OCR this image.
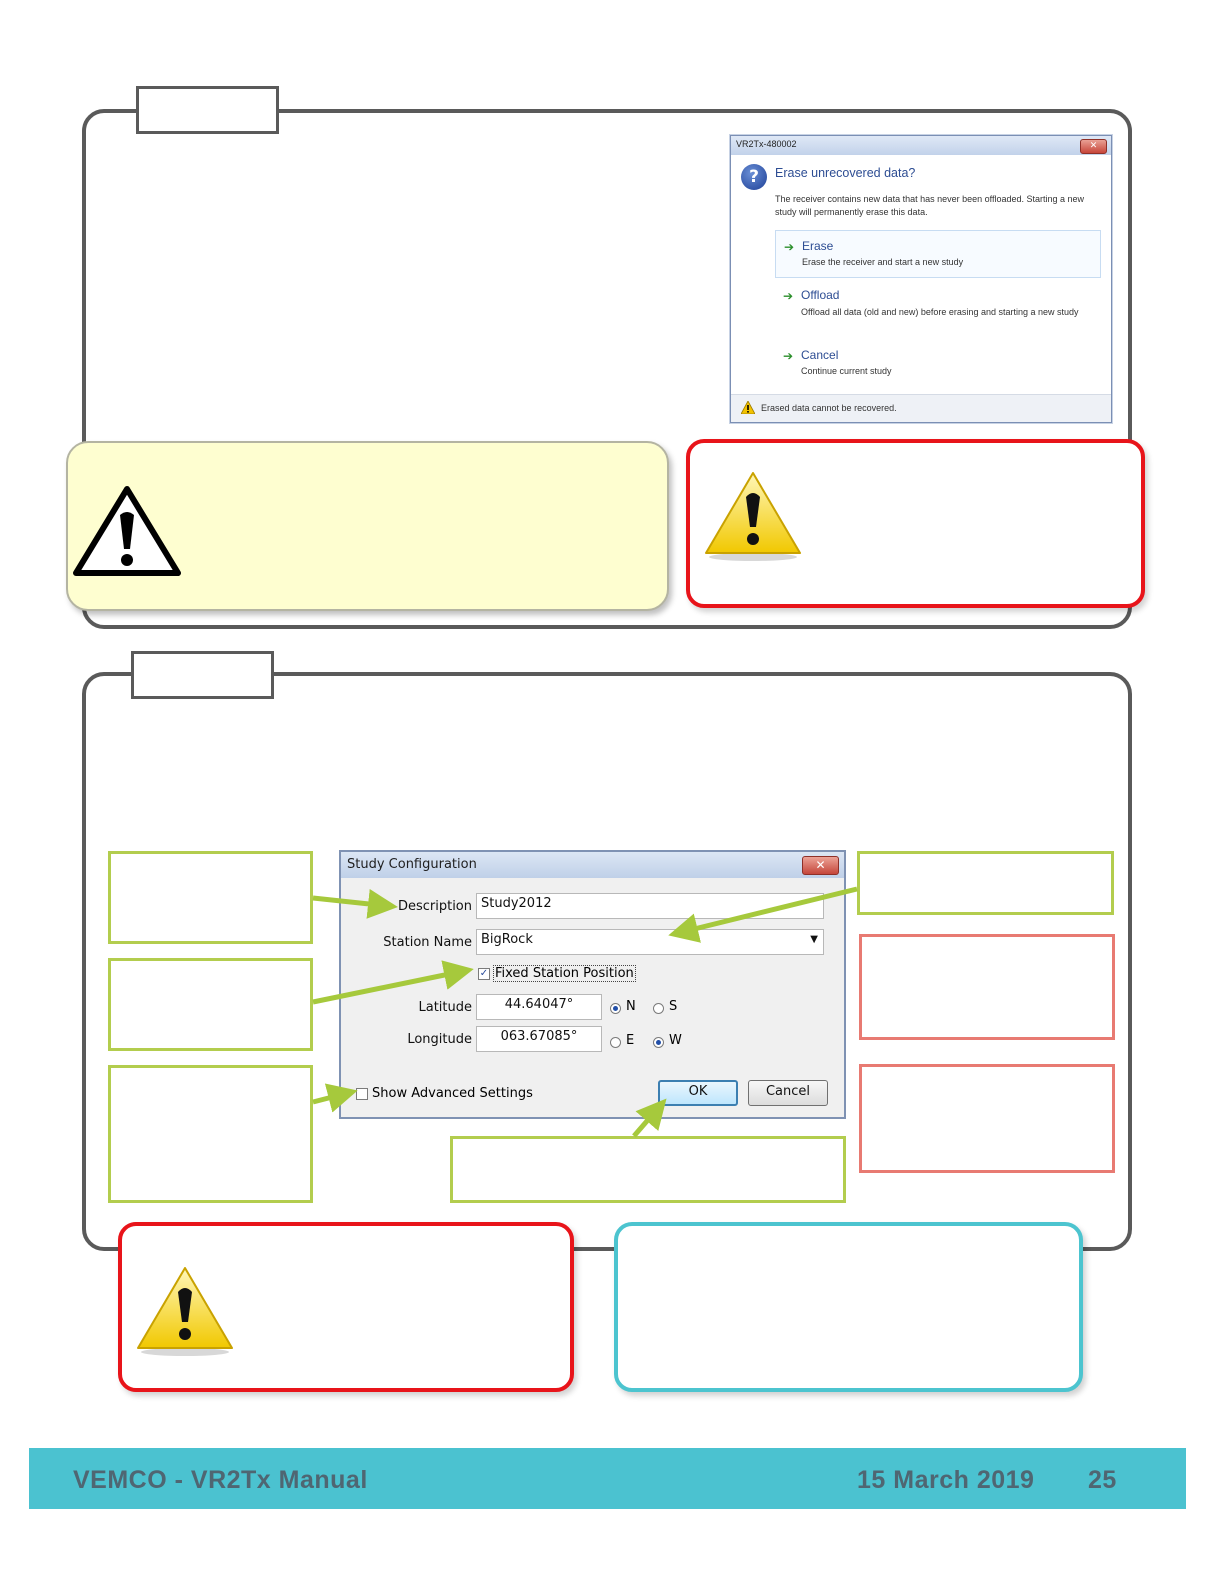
VR2Tx-480002	✕
?	Erase unrecovered data?
The receiver contains new data that has never been offloaded. Starting a new study will permanently erase this data.
➔ Erase
Erase the receiver and start a new study
➔ Offload
Offload all data (old and new) before erasing and starting a new study
➔ Cancel
Continue current study
Erased data cannot be recovered.
Study Configuration	✕
Description Study2012
Station Name BigRock	▼
✓ Fixed Station Position
Latitude	44.64047°	N	S
Longitude	063.67085°	E	W
Show Advanced Settings	OK	Cancel
VEMCO - VR2Tx Manual	15 March 2019 25
